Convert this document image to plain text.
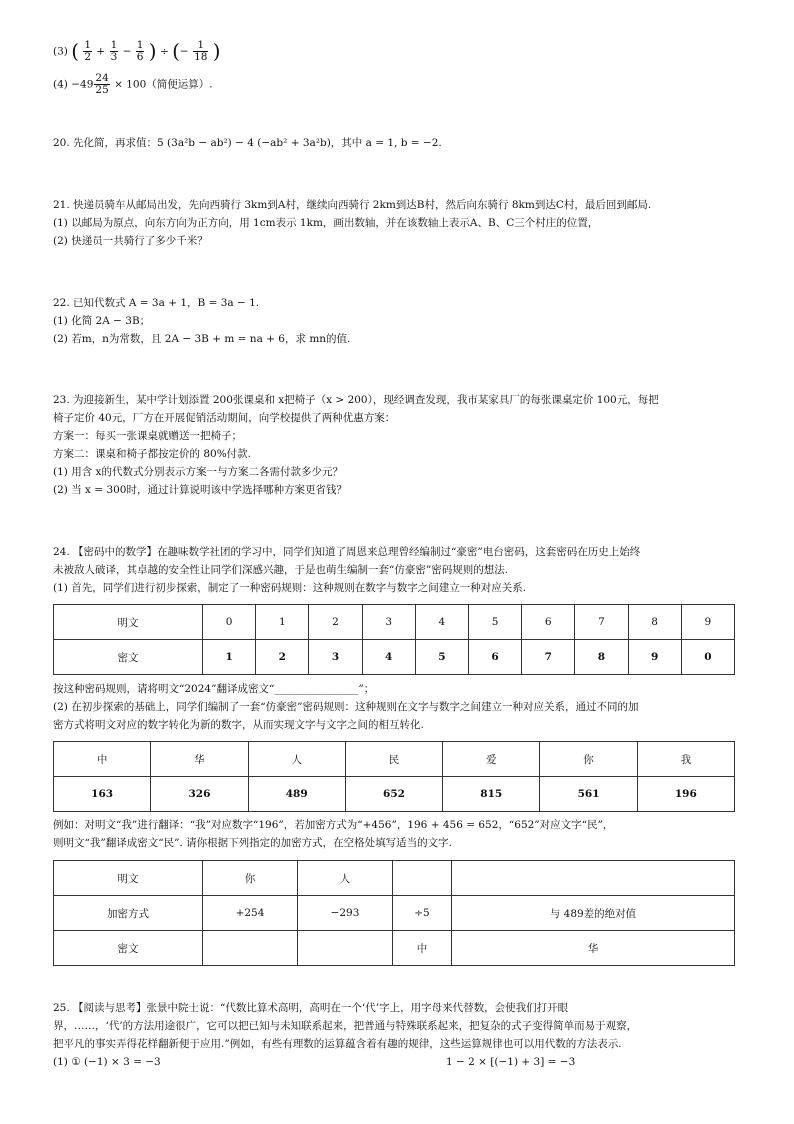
(3) ( $\frac{1}{2} + \frac{1}{3} - \frac{1}{6}$ ) ÷ (− $\frac{1}{18}$ )
$(4) -49 \frac{24}{25} \times 100$（简便运算）.
20. 先化简，再求值：5 (3a²b − ab²) − 4 (−ab² + 3a²b)，其中 a = 1, b = −2.
21. 快递员骑车从邮局出发，先向西骑行 3km到A村，继续向西骑行 2km到达B村，然后向东骑行 8km到达C村，最后回到邮局.
(1) 以邮局为原点，向东方向为正方向，用 1cm表示 1km，画出数轴，并在该数轴上表示A、B、C三个村庄的位置，
(2) 快递员一共骑行了多少千米？
22. 已知代数式 A = 3a + 1，B = 3a − 1.
(1) 化简 2A − 3B；
(2) 若m，n为常数，且 2A − 3B + m = na + 6，求 mn的值.
23. 为迎接新生，某中学计划添置 200张课桌和 x把椅子（x > 200），现经调查发现，我市某家具厂的每张课桌定价 100元，每把
椅子定价 40元，厂方在开展促销活动期间，向学校提供了两种优惠方案：
方案一：每买一张课桌就赠送一把椅子；
方案二：课桌和椅子都按定价的 80%付款.
(1) 用含 x的代数式分别表示方案一与方案二各需付款多少元？
(2) 当 x = 300时，通过计算说明该中学选择哪种方案更省钱？
24. 【密码中的数学】在趣味数学社团的学习中，同学们知道了周恩来总理曾经编制过“豪密”电台密码，这套密码在历史上始终
未被敌人破译，其卓越的安全性让同学们深感兴趣，于是也萌生编制一套“仿豪密”密码规则的想法.
(1) 首先，同学们进行初步探索，制定了一种密码规则：这种规则在数字与数字之间建立一种对应关系.
明文	0	1	2	3	4	5	6	7	8	9
密文	1	2	3	4	5	6	7	8	9	0
按这种密码规则，请将明文“2024”翻译成密文“________________”；
(2) 在初步探索的基础上，同学们编制了一套“仿豪密”密码规则：这种规则在文字与数字之间建立一种对应关系，通过不同的加
密方式将明文对应的数字转化为新的数字，从而实现文字与文字之间的相互转化.
中	华	人	民	爱	你	我
163	326	489	652	815	561	196
例如：对明文“我”进行翻译：“我”对应数字“196”，若加密方式为“+456”，196 + 456 = 652，“652”对应文字“民”，
则明文“我”翻译成密文“民”. 请你根据下列指定的加密方式，在空格处填写适当的文字.
明文	你	人		
加密方式	+254	−293	÷5	与 489差的绝对值
密文			中	华
25. 【阅读与思考】张景中院士说：“代数比算术高明，高明在一个‘代’字上，用字母来代替数，会使我们打开眼
界，……，‘代’的方法用途很广，它可以把已知与未知联系起来，把普通与特殊联系起来，把复杂的式子变得简单而易于观察，
把平凡的事实弄得花样翻新便于应用.”例如，有些有理数的运算蕴含着有趣的规律，这些运算规律也可以用代数的方法表示.
(1) ① (−1) × 3 = −3	1 − 2 × [(−1) + 3] = −3
